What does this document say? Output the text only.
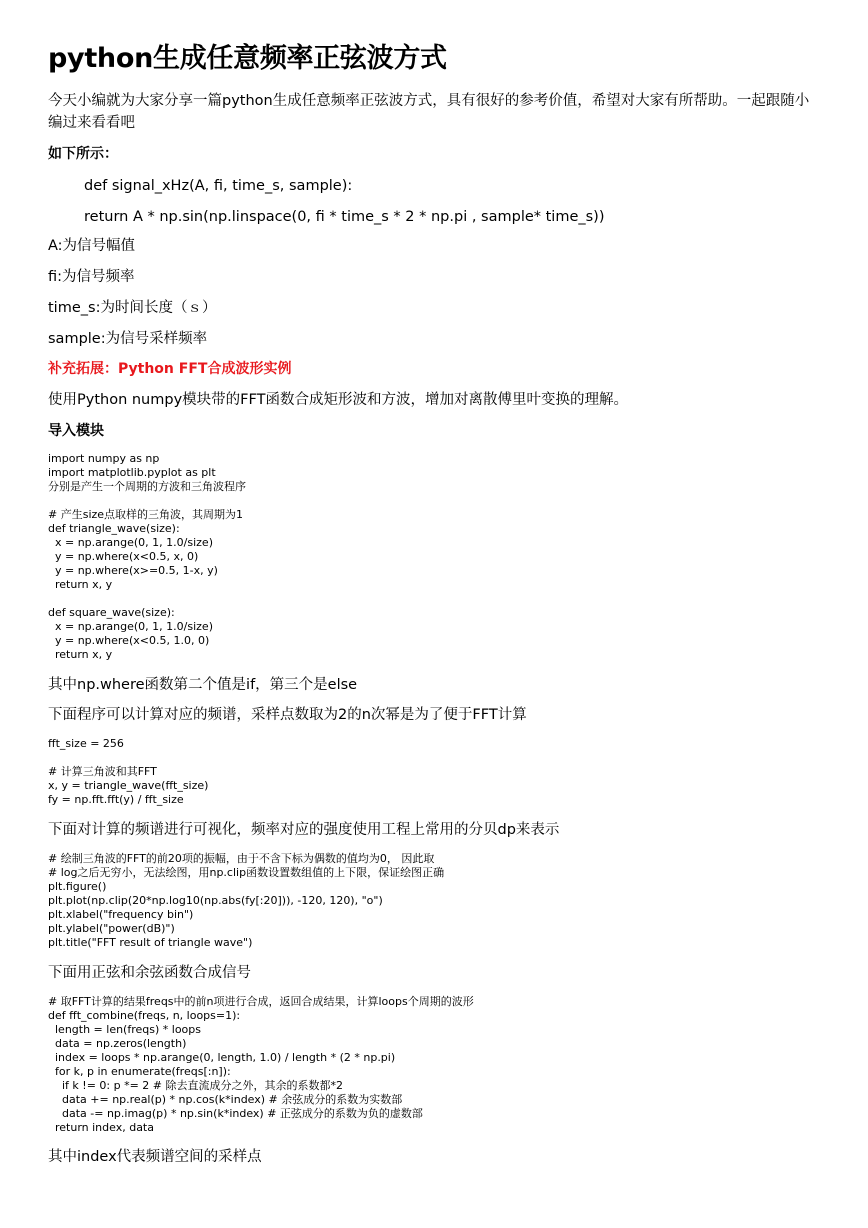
python生成任意频率正弦波方式
今天小编就为大家分享一篇python生成任意频率正弦波方式，具有很好的参考价值，希望对大家有所帮助。一起跟随小编过来看看吧
如下所示：
def signal_xHz(A, fi, time_s, sample):
return A * np.sin(np.linspace(0, fi * time_s * 2 * np.pi , sample* time_s))
A:为信号幅值
fi:为信号频率
time_s:为时间长度（ｓ）
sample:为信号采样频率
补充拓展：Python FFT合成波形实例
使用Python numpy模块带的FFT函数合成矩形波和方波，增加对离散傅里叶变换的理解。
导入模块
import numpy as np
import matplotlib.pyplot as plt
分别是产生一个周期的方波和三角波程序

# 产生size点取样的三角波，其周期为1
def triangle_wave(size):
x = np.arange(0, 1, 1.0/size)
y = np.where(x<0.5, x, 0)
y = np.where(x>=0.5, 1-x, y)
return x, y

def square_wave(size):
x = np.arange(0, 1, 1.0/size)
y = np.where(x<0.5, 1.0, 0)
return x, y
其中np.where函数第二个值是if，第三个是else
下面程序可以计算对应的频谱，采样点数取为2的n次幂是为了便于FFT计算
fft_size = 256

# 计算三角波和其FFT
x, y = triangle_wave(fft_size)
fy = np.fft.fft(y) / fft_size
下面对计算的频谱进行可视化，频率对应的强度使用工程上常用的分贝dp来表示
# 绘制三角波的FFT的前20项的振幅，由于不含下标为偶数的值均为0， 因此取
# log之后无穷小，无法绘图，用np.clip函数设置数组值的上下限，保证绘图正确
plt.figure()
plt.plot(np.clip(20*np.log10(np.abs(fy[:20])), -120, 120), "o")
plt.xlabel("frequency bin")
plt.ylabel("power(dB)")
plt.title("FFT result of triangle wave")
下面用正弦和余弦函数合成信号
# 取FFT计算的结果freqs中的前n项进行合成，返回合成结果，计算loops个周期的波形
def fft_combine(freqs, n, loops=1):
length = len(freqs) * loops
data = np.zeros(length)
index = loops * np.arange(0, length, 1.0) / length * (2 * np.pi)
for k, p in enumerate(freqs[:n]):
if k != 0: p *= 2 # 除去直流成分之外，其余的系数都*2
data += np.real(p) * np.cos(k*index) # 余弦成分的系数为实数部
data -= np.imag(p) * np.sin(k*index) # 正弦成分的系数为负的虚数部
return index, data
其中index代表频谱空间的采样点
